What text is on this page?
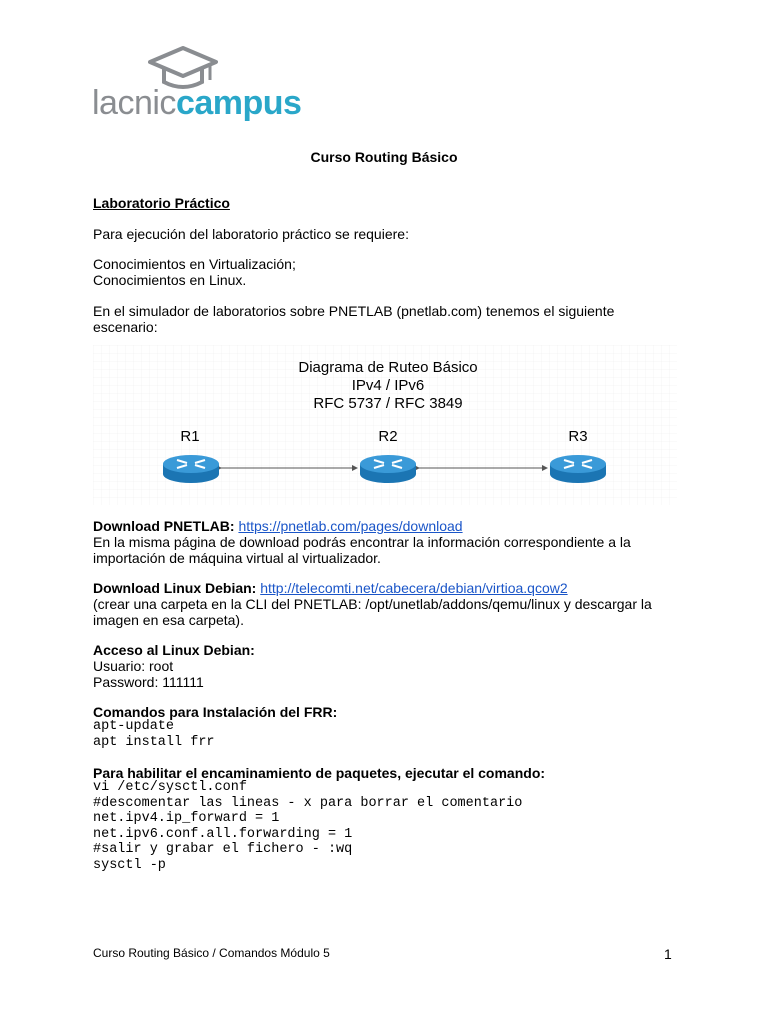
lacniccampus
Curso Routing Básico
Laboratorio Práctico
Para ejecución del laboratorio práctico se requiere:
Conocimientos en Virtualización;
Conocimientos en Linux.
En el simulador de laboratorios sobre PNETLAB (pnetlab.com) tenemos el siguiente
escenario:
Diagrama de Ruteo Básico
IPv4 / IPv6
RFC 5737 / RFC 3849
R1	R2	R3
Download PNETLAB: https://pnetlab.com/pages/download
En la misma página de download podrás encontrar la información correspondiente a la
importación de máquina virtual al virtualizador.
Download Linux Debian: http://telecomti.net/cabecera/debian/virtioa.qcow2
(crear una carpeta en la CLI del PNETLAB: /opt/unetlab/addons/qemu/linux y descargar la
imagen en esa carpeta).
Acceso al Linux Debian:
Usuario: root
Password: 111111
Comandos para Instalación del FRR:
apt-update
apt install frr
Para habilitar el encaminamiento de paquetes, ejecutar el comando:
vi /etc/sysctl.conf
#descomentar las lineas - x para borrar el comentario
net.ipv4.ip_forward = 1
net.ipv6.conf.all.forwarding = 1
#salir y grabar el fichero - :wq
sysctl -p
Curso Routing Básico / Comandos Módulo 5	1
